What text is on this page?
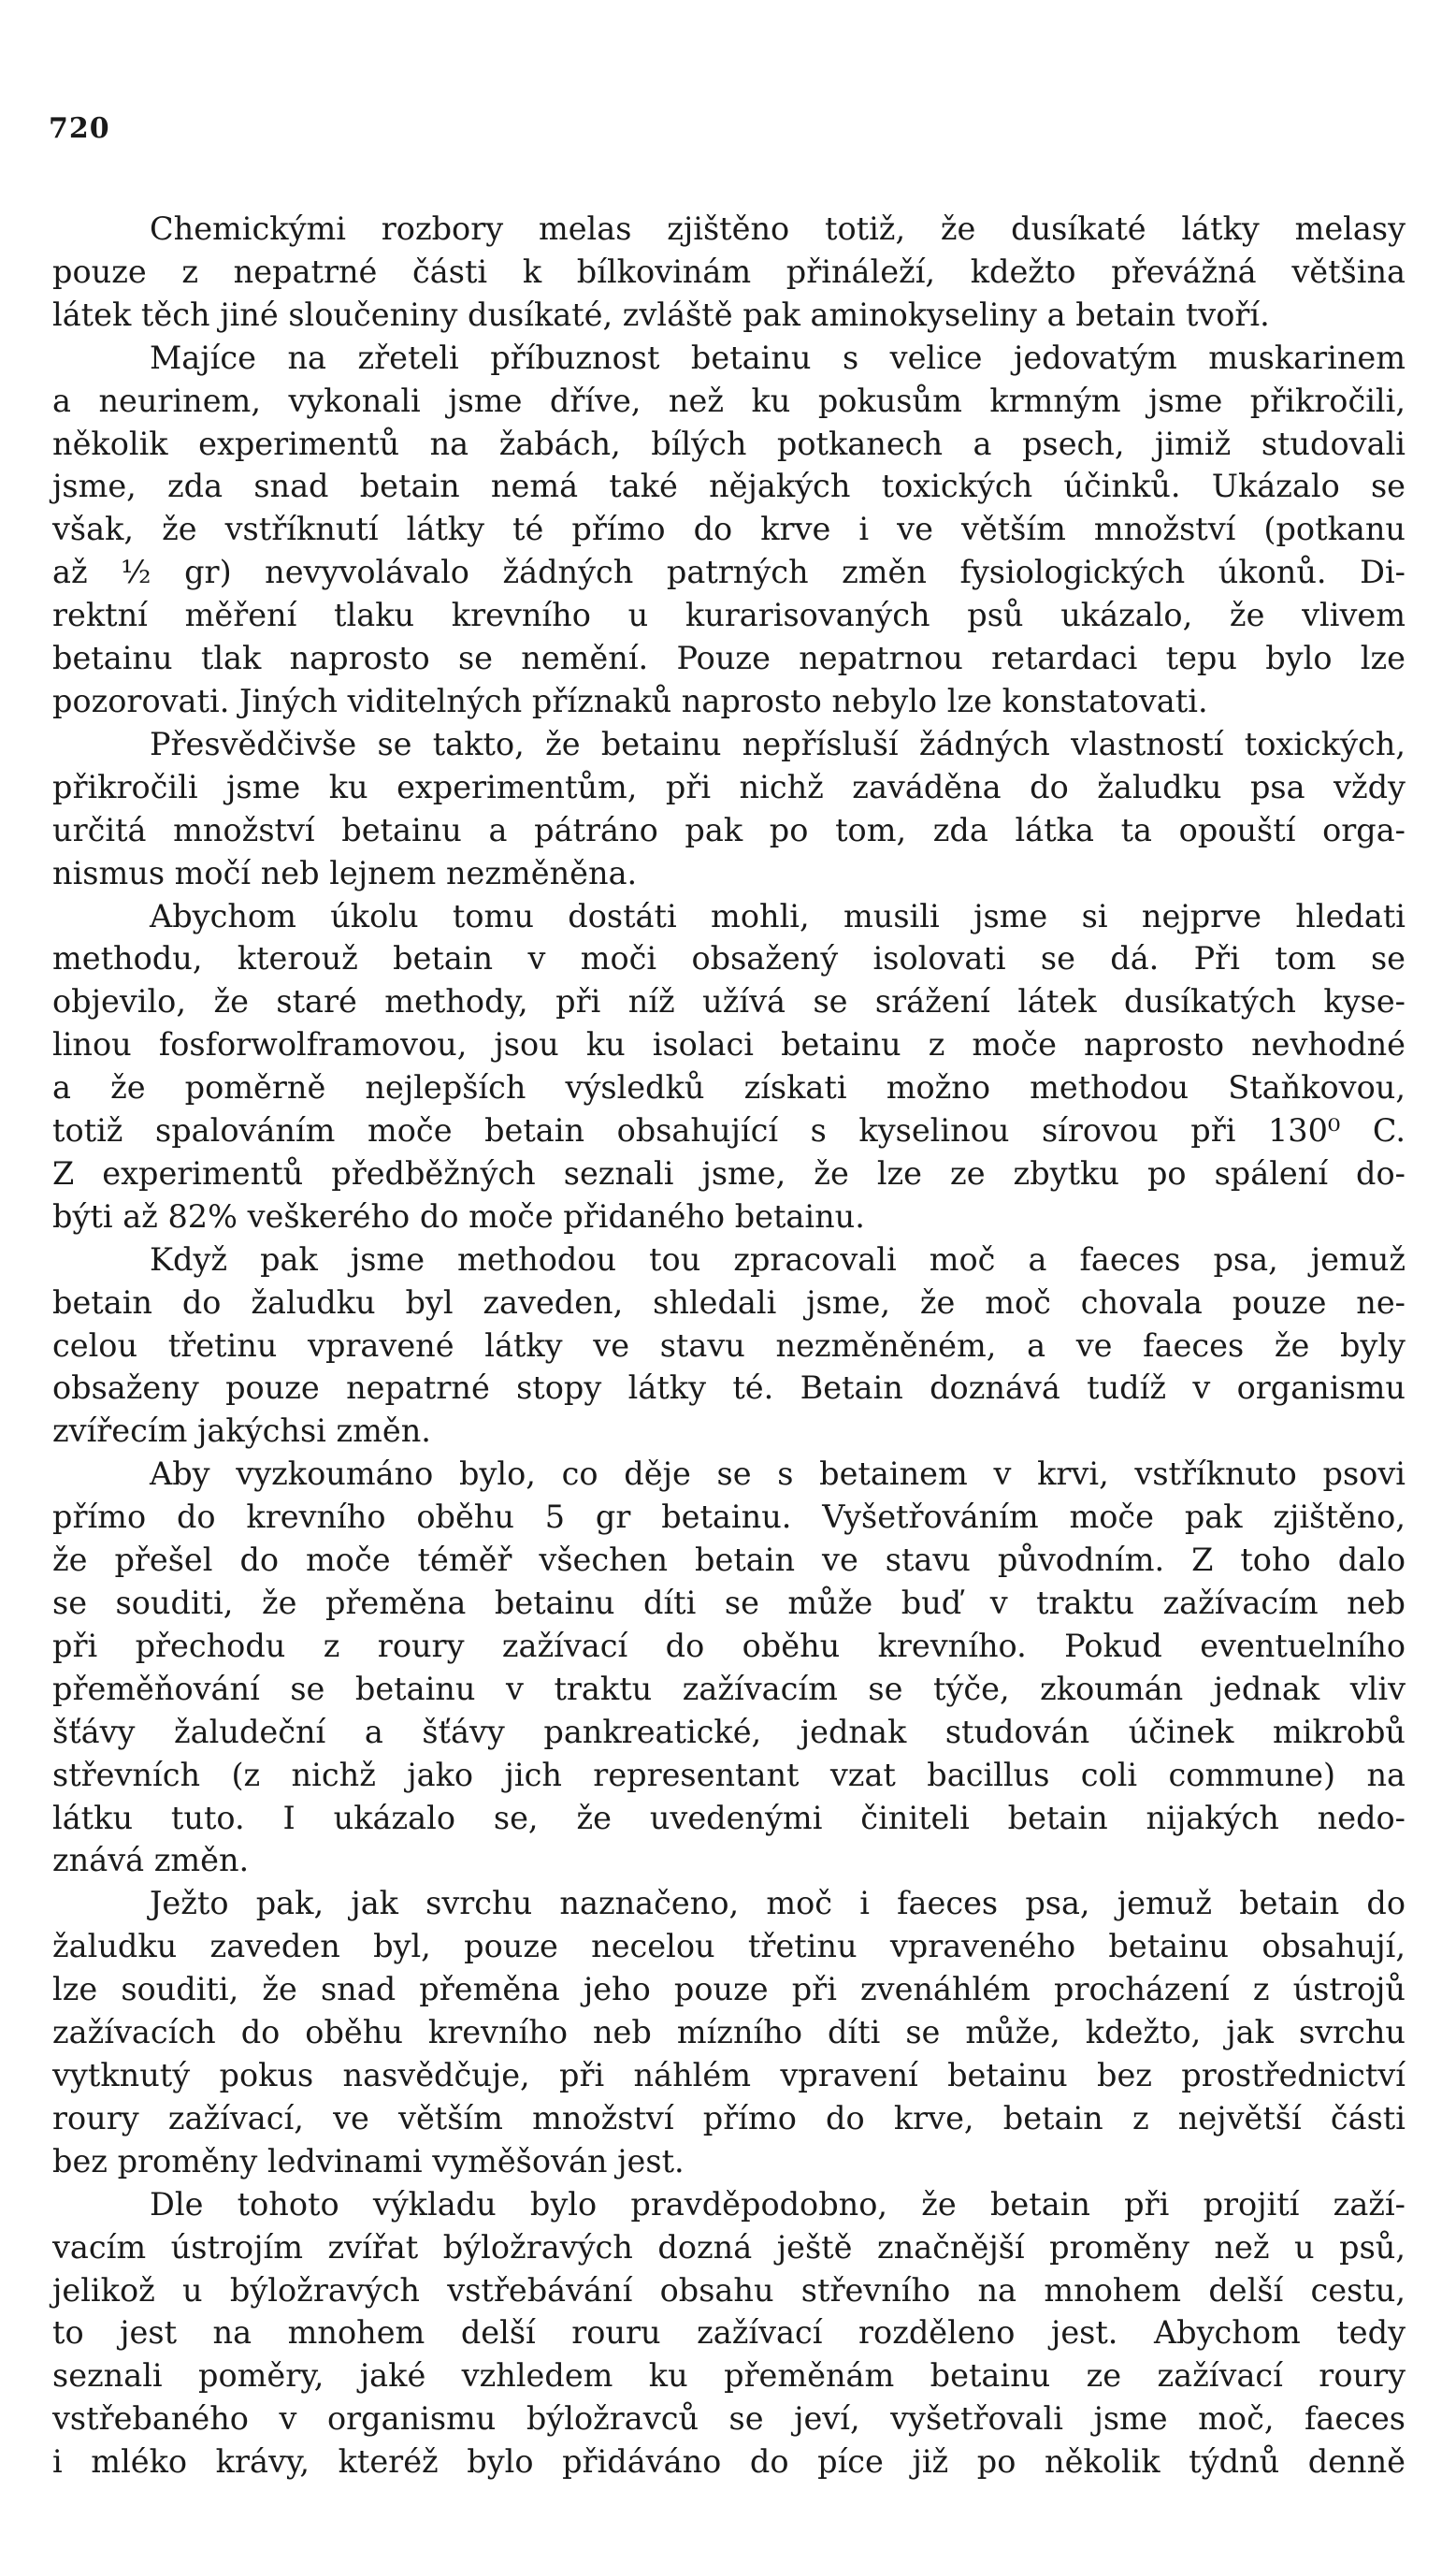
720
Chemickými rozbory melas zjištěno totiž, že dusíkaté látky melasy
pouze z nepatrné části k bílkovinám přináleží, kdežto převážná většina
látek těch jiné sloučeniny dusíkaté, zvláště pak aminokyseliny a betain tvoří.
Majíce na zřeteli příbuznost betainu s velice jedovatým muskarinem
a neurinem, vykonali jsme dříve, než ku pokusům krmným jsme přikročili,
několik experimentů na žabách, bílých potkanech a psech, jimiž studovali
jsme, zda snad betain nemá také nějakých toxických účinků. Ukázalo se
však, že vstříknutí látky té přímo do krve i ve větším množství (potkanu
až ½ gr) nevyvolávalo žádných patrných změn fysiologických úkonů. Di-
rektní měření tlaku krevního u kurarisovaných psů ukázalo, že vlivem
betainu tlak naprosto se nemění. Pouze nepatrnou retardaci tepu bylo lze
pozorovati. Jiných viditelných příznaků naprosto nebylo lze konstatovati.
Přesvědčivše se takto, že betainu nepřísluší žádných vlastností toxických,
přikročili jsme ku experimentům, při nichž zaváděna do žaludku psa vždy
určitá množství betainu a pátráno pak po tom, zda látka ta opouští orga-
nismus močí neb lejnem nezměněna.
Abychom úkolu tomu dostáti mohli, musili jsme si nejprve hledati
methodu, kterouž betain v moči obsažený isolovati se dá. Při tom se
objevilo, že staré methody, při níž užívá se srážení látek dusíkatých kyse-
linou fosforwolframovou, jsou ku isolaci betainu z moče naprosto nevhodné
a že poměrně nejlepších výsledků získati možno methodou Staňkovou,
totiž spalováním moče betain obsahující s kyselinou sírovou při 130⁰ C.
Z experimentů předběžných seznali jsme, že lze ze zbytku po spálení do-
býti až 82% veškerého do moče přidaného betainu.
Když pak jsme methodou tou zpracovali moč a faeces psa, jemuž
betain do žaludku byl zaveden, shledali jsme, že moč chovala pouze ne-
celou třetinu vpravené látky ve stavu nezměněném, a ve faeces že byly
obsaženy pouze nepatrné stopy látky té. Betain doznává tudíž v organismu
zvířecím jakýchsi změn.
Aby vyzkoumáno bylo, co děje se s betainem v krvi, vstříknuto psovi
přímo do krevního oběhu 5 gr betainu. Vyšetřováním moče pak zjištěno,
že přešel do moče téměř všechen betain ve stavu původním. Z toho dalo
se souditi, že přeměna betainu díti se může buď v traktu zažívacím neb
při přechodu z roury zažívací do oběhu krevního. Pokud eventuelního
přeměňování se betainu v traktu zažívacím se týče, zkoumán jednak vliv
šťávy žaludeční a šťávy pankreatické, jednak studován účinek mikrobů
střevních (z nichž jako jich representant vzat bacillus coli commune) na
látku tuto. I ukázalo se, že uvedenými činiteli betain nijakých nedo-
znává změn.
Ježto pak, jak svrchu naznačeno, moč i faeces psa, jemuž betain do
žaludku zaveden byl, pouze necelou třetinu vpraveného betainu obsahují,
lze souditi, že snad přeměna jeho pouze při zvenáhlém procházení z ústrojů
zažívacích do oběhu krevního neb mízního díti se může, kdežto, jak svrchu
vytknutý pokus nasvědčuje, při náhlém vpravení betainu bez prostřednictví
roury zažívací, ve větším množství přímo do krve, betain z největší části
bez proměny ledvinami vyměšován jest.
Dle tohoto výkladu bylo pravděpodobno, že betain při projití zaží-
vacím ústrojím zvířat býložravých dozná ještě značnější proměny než u psů,
jelikož u býložravých vstřebávání obsahu střevního na mnohem delší cestu,
to jest na mnohem delší rouru zažívací rozděleno jest. Abychom tedy
seznali poměry, jaké vzhledem ku přeměnám betainu ze zažívací roury
vstřebaného v organismu býložravců se jeví, vyšetřovali jsme moč, faeces
i mléko krávy, kteréž bylo přidáváno do píce již po několik týdnů denně
